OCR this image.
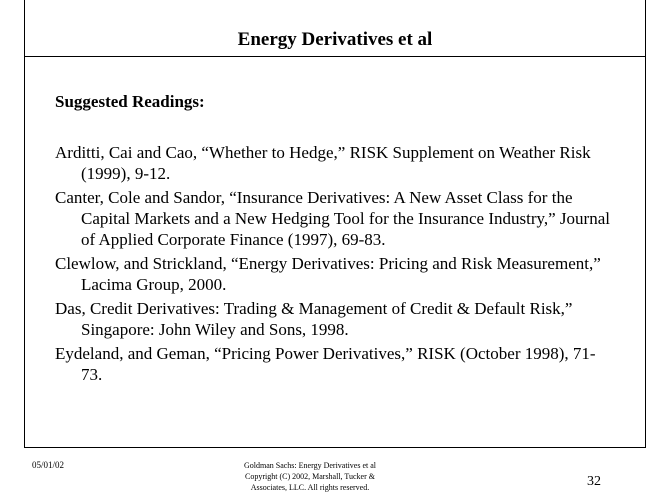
Energy Derivatives et al

Suggested Readings:

Arditti, Cai and Cao, “Whether to Hedge,” RISK Supplement on Weather Risk (1999), 9-12.
Canter, Cole and Sandor, “Insurance Derivatives: A New Asset Class for the Capital Markets and a New Hedging Tool for the Insurance Industry,” Journal of Applied Corporate Finance (1997), 69-83.
Clewlow, and Strickland, “Energy Derivatives: Pricing and Risk Measurement,” Lacima Group, 2000.
Das, Credit Derivatives: Trading & Management of Credit & Default Risk,” Singapore: John Wiley and Sons, 1998.
Eydeland, and Geman, “Pricing Power Derivatives,” RISK (October 1998), 71-73.
05/01/02	Goldman Sachs: Energy Derivatives et al
Copyright (C) 2002, Marshall, Tucker &
Associates, LLC. All rights reserved.	32
